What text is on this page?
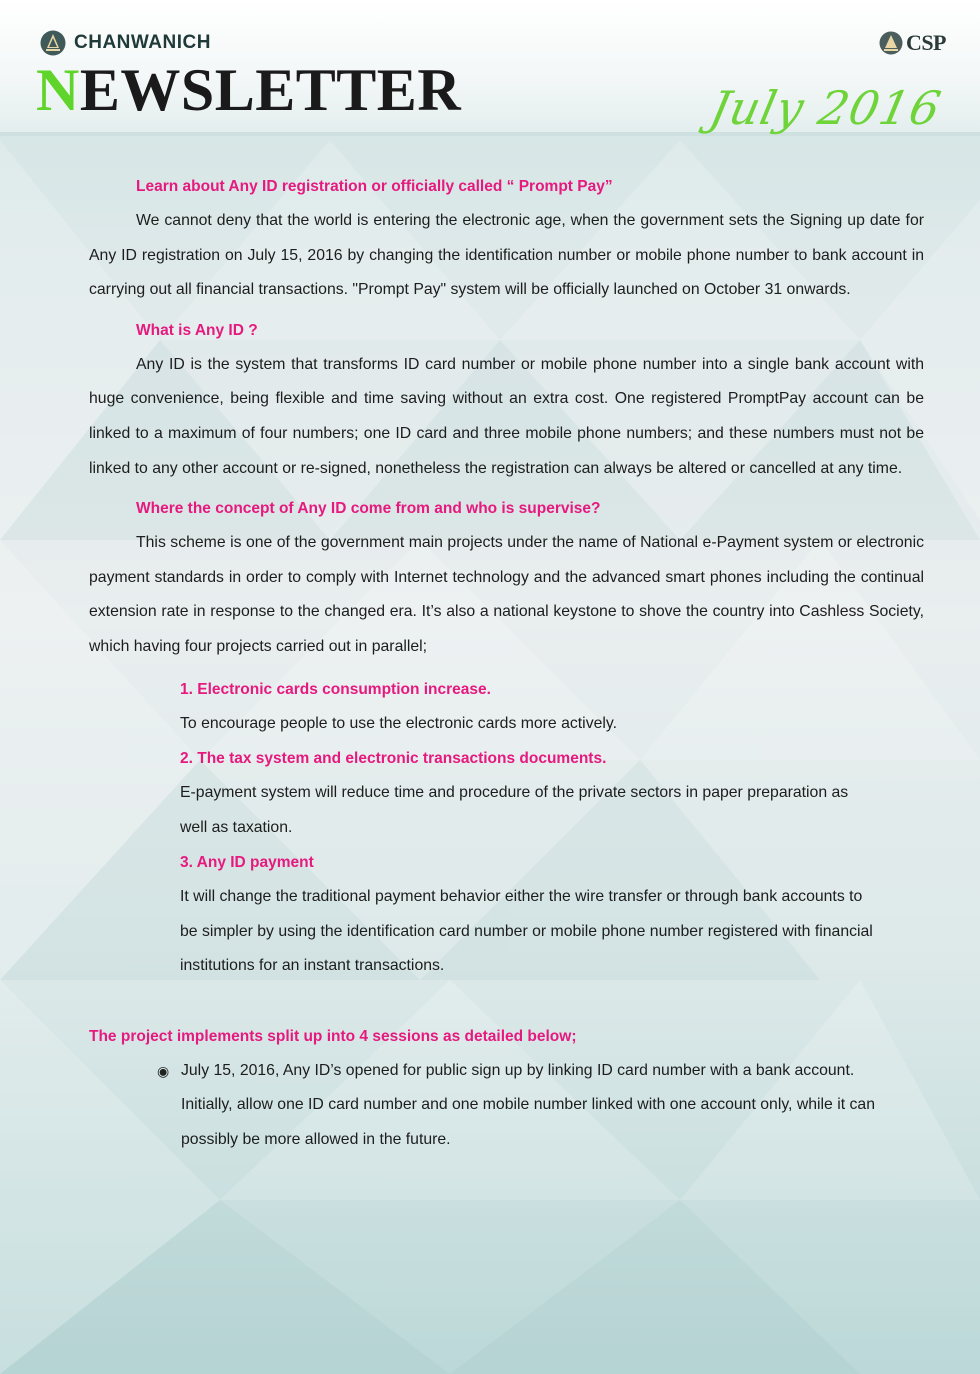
CHANWANICH
NEWSLETTER
CSP
July 2016

Learn about Any ID registration or officially called “ Prompt Pay”

We cannot deny that the world is entering the electronic age, when the government sets the Signing up date for Any ID registration on July 15, 2016 by changing the identification number or mobile phone number to bank account in carrying out all financial transactions. "Prompt Pay" system will be officially launched on October 31 onwards.

What is Any ID ?

Any ID is the system that transforms ID card number or mobile phone number into a single bank account with huge convenience, being flexible and time saving without an extra cost. One registered PromptPay account can be linked to a maximum of four numbers; one ID card and three mobile phone numbers; and these numbers must not be linked to any other account or re-signed, nonetheless the registration can always be altered or cancelled at any time.

Where the concept of Any ID come from and who is supervise?

This scheme is one of the government main projects under the name of National e-Payment system or electronic payment standards in order to comply with Internet technology and the advanced smart phones including the continual extension rate in response to the changed era. It’s also a national keystone to shove the country into Cashless Society, which having four projects carried out in parallel;

1. Electronic cards consumption increase.

To encourage people to use the electronic cards more actively.

2. The tax system and electronic transactions documents.

E-payment system will reduce time and procedure of the private sectors in paper preparation as well as taxation.

3. Any ID payment

It will change the traditional payment behavior either the wire transfer or through bank accounts to be simpler by using the identification card number or mobile phone number registered with financial institutions for an instant transactions.

The project implements split up into 4 sessions as detailed below;

◉ July 15, 2016, Any ID’s opened for public sign up by linking ID card number with a bank account. Initially, allow one ID card number and one mobile number linked with one account only, while it can possibly be more allowed in the future.
